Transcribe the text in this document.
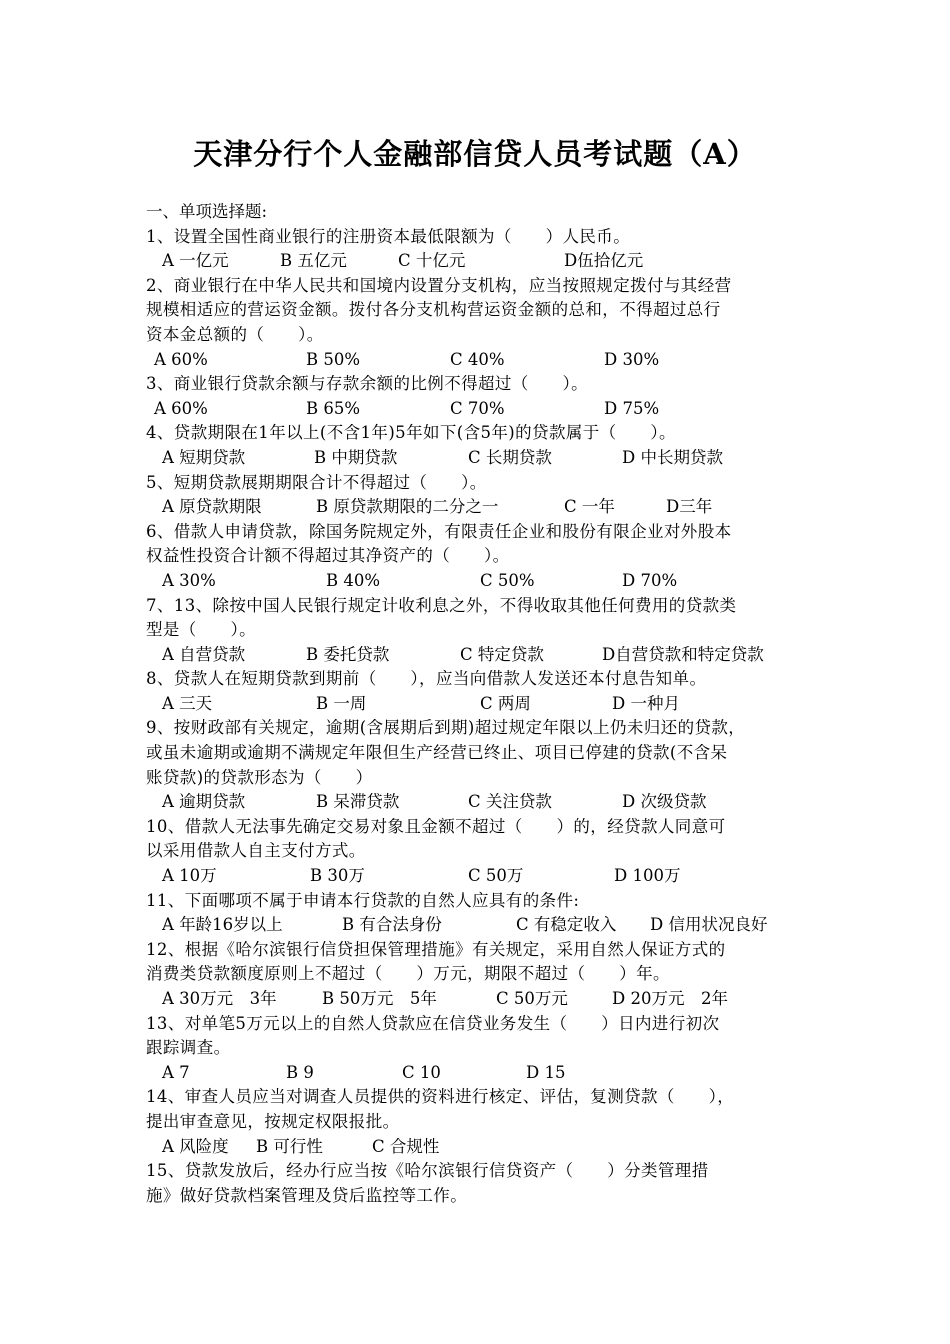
天津分行个人金融部信贷人员考试题（A）
一、单项选择题:
1、设置全国性商业银行的注册资本最低限额为（　　）人民币。
A 一亿元	B 五亿元	C 十亿元	D伍拾亿元
2、商业银行在中华人民共和国境内设置分支机构，应当按照规定拨付与其经营
规模相适应的营运资金额。拨付各分支机构营运资金额的总和，不得超过总行
资本金总额的（　　）。
A 60%	B 50%	C 40%	D 30%
3、商业银行贷款余额与存款余额的比例不得超过（　　）。
A 60%	B 65%	C 70%	D 75%
4、贷款期限在1年以上(不含1年)5年如下(含5年)的贷款属于（　　）。
A 短期贷款	B 中期贷款	C 长期贷款	D 中长期贷款
5、短期贷款展期期限合计不得超过（　　）。
A 原贷款期限	B 原贷款期限的二分之一	C 一年	D三年
6、借款人申请贷款，除国务院规定外，有限责任企业和股份有限企业对外股本
权益性投资合计额不得超过其净资产的（　　）。
A 30%	B 40%	C 50%	D 70%
7、13、除按中国人民银行规定计收利息之外，不得收取其他任何费用的贷款类
型是（　　）。
A 自营贷款	B 委托贷款	C 特定贷款	D自营贷款和特定贷款
8、贷款人在短期贷款到期前（　　），应当向借款人发送还本付息告知单。
A 三天	B 一周	C 两周	D 一种月
9、按财政部有关规定，逾期(含展期后到期)超过规定年限以上仍未归还的贷款，
或虽未逾期或逾期不满规定年限但生产经营已终止、项目已停建的贷款(不含呆
账贷款)的贷款形态为（　　）
A 逾期贷款	B 呆滞贷款	C 关注贷款	D 次级贷款
10、借款人无法事先确定交易对象且金额不超过（　　）的，经贷款人同意可
以采用借款人自主支付方式。
A 10万	B 30万	C 50万	D 100万
11、下面哪项不属于申请本行贷款的自然人应具有的条件:
A 年龄16岁以上	B 有合法身份	C 有稳定收入	D 信用状况良好
12、根据《哈尔滨银行信贷担保管理措施》有关规定，采用自然人保证方式的
消费类贷款额度原则上不超过（　　）万元，期限不超过（　　）年。
A 30万元　3年	B 50万元　5年	C 50万元	D 20万元　2年
13、对单笔5万元以上的自然人贷款应在信贷业务发生（　　）日内进行初次
跟踪调查。
A 7	B 9	C 10	D 15
14、审查人员应当对调查人员提供的资料进行核定、评估，复测贷款（　　），
提出审查意见，按规定权限报批。
A 风险度	B 可行性	C 合规性
15、贷款发放后，经办行应当按《哈尔滨银行信贷资产（　　）分类管理措
施》做好贷款档案管理及贷后监控等工作。
